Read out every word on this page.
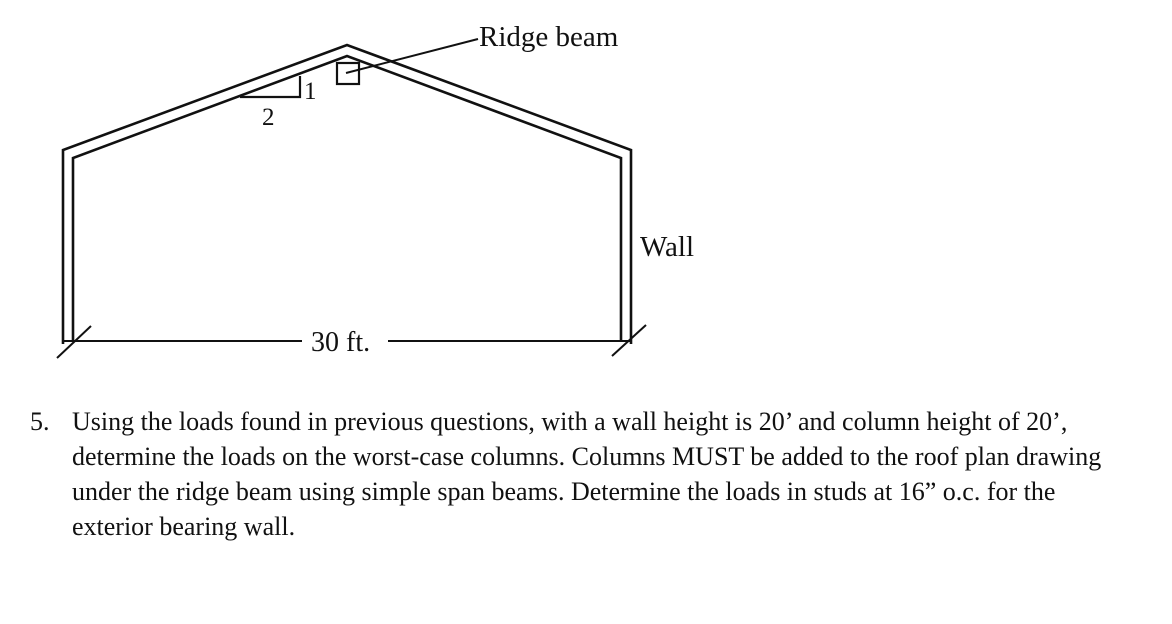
1
2
Ridge beam
Wall
30 ft.
5. Using the loads found in previous questions, with a wall height is 20’ and column height of 20’, determine the loads on the worst-case columns. Columns MUST be added to the roof plan drawing under the ridge beam using simple span beams. Determine the loads in studs at 16” o.c. for the exterior bearing wall.
